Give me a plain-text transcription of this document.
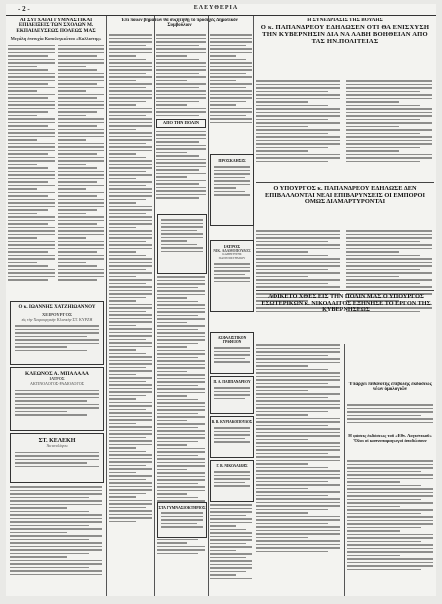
- 2 -	ΕΛΕΥΘΕΡΙΑ
ΑΙ ΣΥΓΧΑΙΑΙ ΓΥΜΝΑΣΤΙΚΑΙ ΕΠΙΔΕΙΞΕΙΣ ΤΩΝ ΣΧΟΛΩΝ Μ. ΕΚΠΑΙΔΕΥΣΕΩΣ ΠΟΛΕΩΣ ΜΑΣ
Μεγάλη ἐπιτυχία Καπελεγκιώτου «Καλλιστης»
Ο κ. ΙΩΑΝΝΗΣ ΧΑΤΖΗΙΩΑΝΝΟΥ
ΧΕΙΡΟΥΡΓΟΣ
εἰς τὴν Χειρουργικὴν Κλινικὴν ΣΤ. ΚΥΡΖΗ
ΚΛΕΩΝΟΣ Α. ΜΠΑΛΑΛΑ
ΙΑΤΡΟΣ
ΑΚΤΙΝΟΛΟΓΟΣ-ΡΑΔΙΟΛΟΓΟΣ
ΣΤ. ΚΕΛΕΚΗ
Ἀκτινολόγου
Ἐπί ποίων βημάτων θὰ συζητηθῇ τὸ προσεχὲς Δημοτικὸν Συμβούλιον
ΑΠΟ ΤΗΝ ΠΟΛΙΝ
ΣΤΑ ΓΥΜΝΑΣΙΟΚΤΗΡΙΟΣ
ΠΡΟΣΚΛΗΣΙΣ
ΙΑΤΡΟΣ
ΝΙΚ. ΑΔΑΜΟΠΟΥΛΟΣ
ΚΑΘΗΓΗΤΗΣ ΠΑΝΕΠΙΣΤΗΜΙΟΥ
ΑΣΦΑΛΙΣΤΙΚΟΝ ΓΡΑΦΕΙΟΝ
Π. Α. ΠΑΠΠΑΝΔΡΕΟΥ
Β. Β. ΚΥΡΙΑΚΟΠΟΥΛΟΣ
Γ. Β. ΝΙΚΟΛΑΙΔΗΣ
Η ΣΥΝΕΔΡΙΑΣΙΣ ΤΗΣ ΒΟΥΛΗΣ
Ο κ. ΠΑΠΑΝΔΡΕΟΥ ΕΔΗΛΩΣΕΝ ΟΤΙ ΘΑ ΕΝΙΣΧΥΣΗ ΤΗΝ ΚΥΒΕΡΝΗΣΙΝ ΔΙΑ ΝΑ ΛΑΒΗ ΒΟΗΘΕΙΑΝ ΑΠΟ ΤΑΣ ΗΝ.ΠΟΛΙΤΕΙΑΣ
Ο ΥΠΟΥΡΓΟΣ κ. ΠΑΠΑΝΔΡΕΟΥ ΕΔΗΛΩΣΕ ΔΕΝ ΕΠΙΒΑΛΛΟΝΤΑΙ ΝΕΑΙ ΕΠΙΒΑΡΥΝΣΕΙΣ ΟΙ ΕΜΠΟΡΟΙ ΟΜΩΣ ΔΙΑΜΑΡΤΥΡΟΝΤΑΙ
ΑΦΙΚΕΤΟ ΧΘΕΣ ΕΙΣ ΤΗΝ ΠΟΛΙΝ ΜΑΣ Ο ΥΠΟΥΡΓΟΣ ΕΣΩΤΕΡΙΚΩΝ κ. ΝΙΚΟΛΑΙΤΟΣ ΕΞΗΝΗΣΕ ΤΟ ΕΡΓΟΝ ΤΗΣ ΚΥΒΕΡΝΗΣΕΩΣ
Ὑπάρχει πιθανότης ἐπιβολῆς ἐκδόσεως νέων ὁμολογιῶν
Η φάσεις ἐκδόσεως τοῦ «Εθν. Λογιστικοῦ» Ὅλοι οἱ καπνοπαραγωγοὶ ἀποδώσουν
